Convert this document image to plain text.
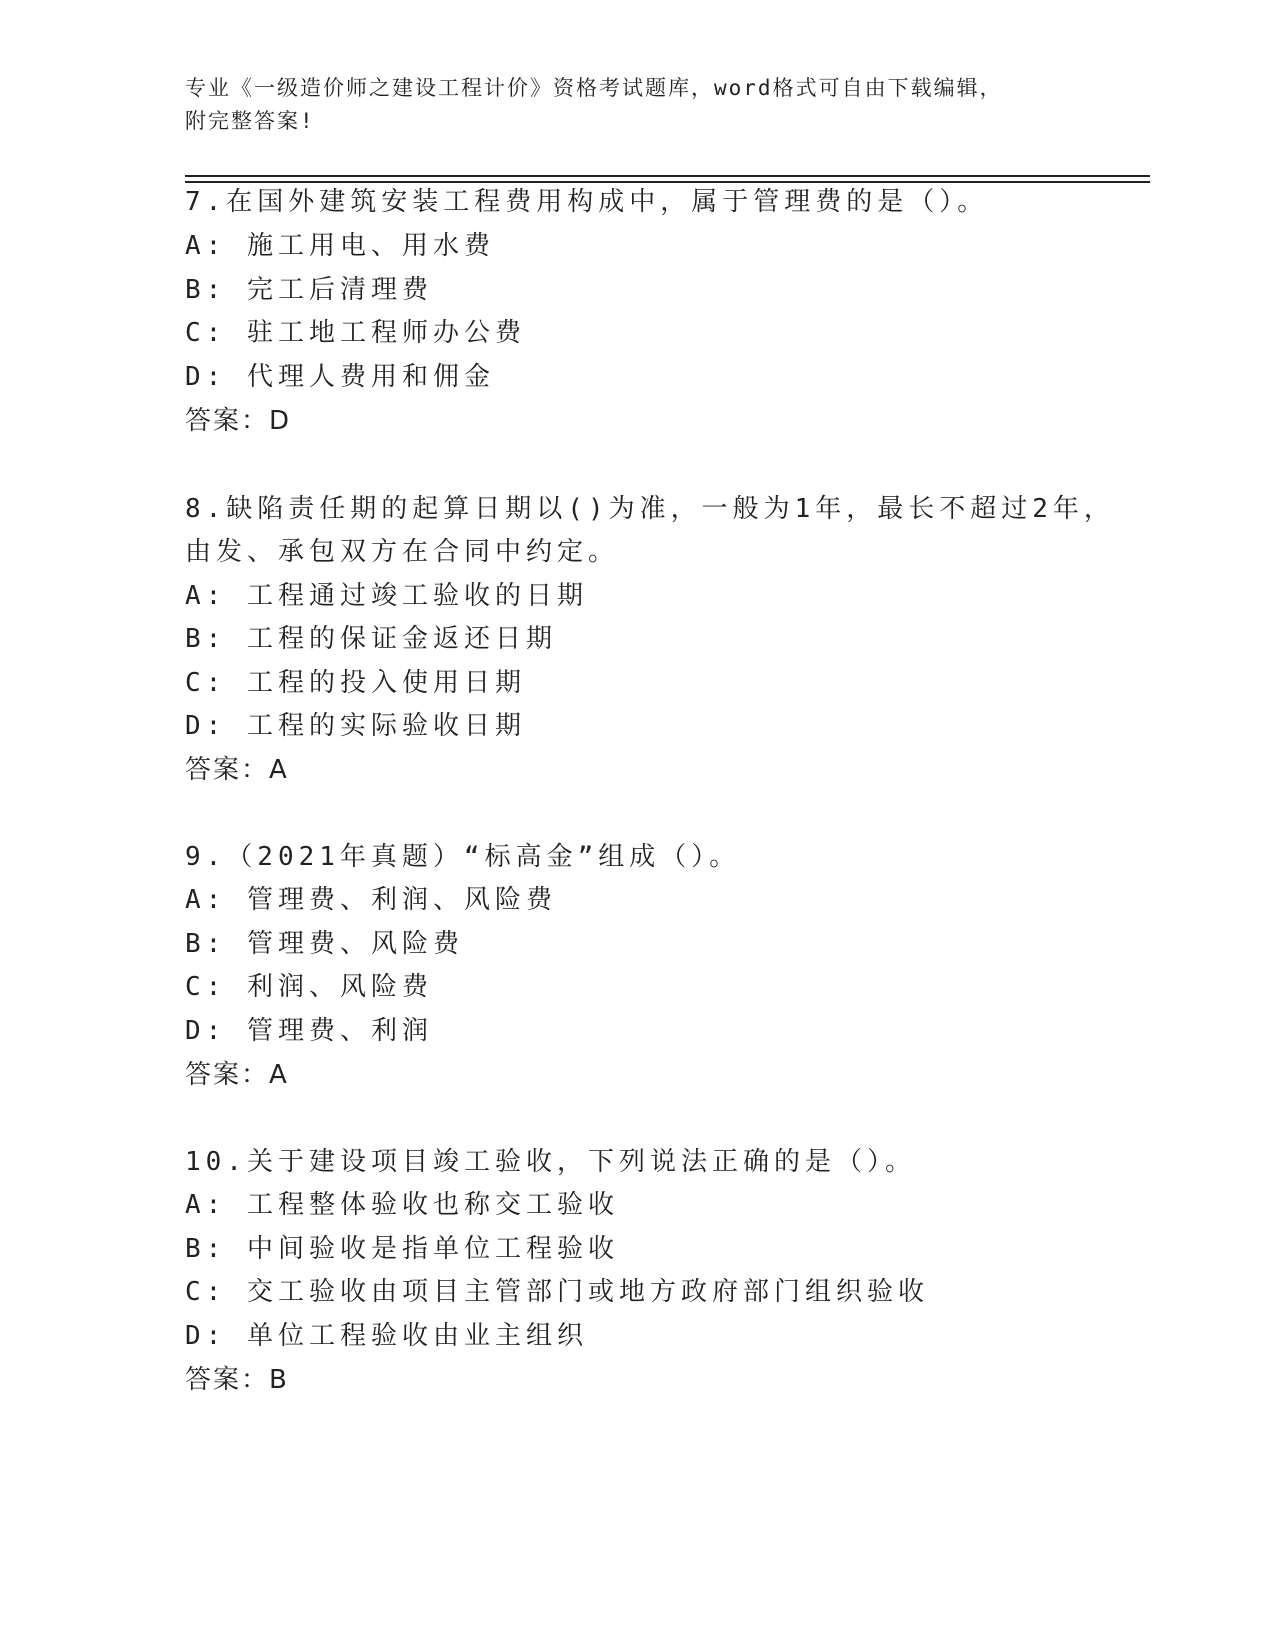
专业《一级造价师之建设工程计价》资格考试题库，word格式可自由下载编辑，
附完整答案!
7.在国外建筑安装工程费用构成中，属于管理费的是（）。
A: 施工用电、用水费
B: 完工后清理费
C: 驻工地工程师办公费
D: 代理人费用和佣金
答案：D
8.缺陷责任期的起算日期以()为准，一般为1年，最长不超过2年，
由发、承包双方在合同中约定。
A: 工程通过竣工验收的日期
B: 工程的保证金返还日期
C: 工程的投入使用日期
D: 工程的实际验收日期
答案：A
9.（2021年真题）“标高金”组成（）。
A: 管理费、利润、风险费
B: 管理费、风险费
C: 利润、风险费
D: 管理费、利润
答案：A
10.关于建设项目竣工验收，下列说法正确的是（）。
A: 工程整体验收也称交工验收
B: 中间验收是指单位工程验收
C: 交工验收由项目主管部门或地方政府部门组织验收
D: 单位工程验收由业主组织
答案：B
